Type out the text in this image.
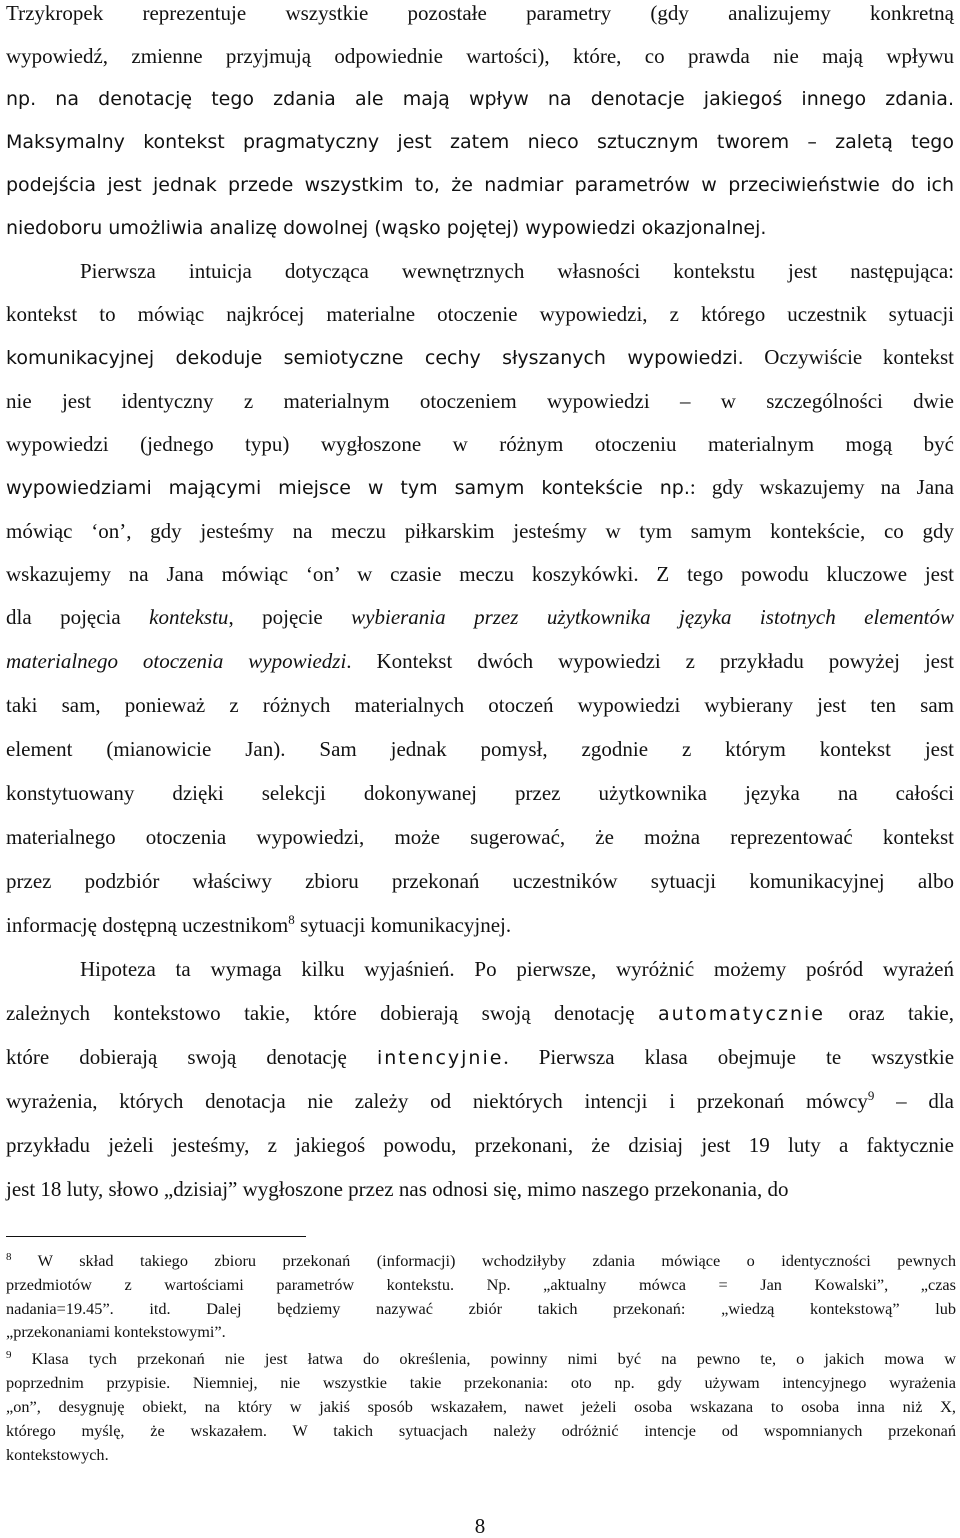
Trzykropek reprezentuje wszystkie pozostałe parametry (gdy analizujemy konkretną
wypowiedź, zmienne przyjmują odpowiednie wartości), które, co prawda nie mają wpływu
np. na denotację tego zdania ale mają wpływ na denotacje jakiegoś innego zdania.
Maksymalny kontekst pragmatyczny jest zatem nieco sztucznym tworem – zaletą tego
podejścia jest jednak przede wszystkim to, że nadmiar parametrów w przeciwieństwie do ich
niedoboru umożliwia analizę dowolnej (wąsko pojętej) wypowiedzi okazjonalnej.
Pierwsza intuicja dotycząca wewnętrznych własności kontekstu jest następująca:
kontekst to mówiąc najkrócej materialne otoczenie wypowiedzi, z którego uczestnik sytuacji
komunikacyjnej dekoduje semiotyczne cechy słyszanych wypowiedzi. Oczywiście kontekst
nie jest identyczny z materialnym otoczeniem wypowiedzi – w szczególności dwie
wypowiedzi (jednego typu) wygłoszone w różnym otoczeniu materialnym mogą być
wypowiedziami mającymi miejsce w tym samym kontekście np.: gdy wskazujemy na Jana
mówiąc ‘on’, gdy jesteśmy na meczu piłkarskim jesteśmy w tym samym kontekście, co gdy
wskazujemy na Jana mówiąc ‘on’ w czasie meczu koszykówki. Z tego powodu kluczowe jest
dla pojęcia kontekstu, pojęcie wybierania przez użytkownika języka istotnych elementów
materialnego otoczenia wypowiedzi. Kontekst dwóch wypowiedzi z przykładu powyżej jest
taki sam, ponieważ z różnych materialnych otoczeń wypowiedzi wybierany jest ten sam
element (mianowicie Jan). Sam jednak pomysł, zgodnie z którym kontekst jest
konstytuowany dzięki selekcji dokonywanej przez użytkownika języka na całości
materialnego otoczenia wypowiedzi, może sugerować, że można reprezentować kontekst
przez podzbiór właściwy zbioru przekonań uczestników sytuacji komunikacyjnej albo
informację dostępną uczestnikom$^8$ sytuacji komunikacyjnej.
Hipoteza ta wymaga kilku wyjaśnień. Po pierwsze, wyróżnić możemy pośród wyrażeń
zależnych kontekstowo takie, które dobierają swoją denotację automatycznie oraz takie,
które dobierają swoją denotację intencyjnie. Pierwsza klasa obejmuje te wszystkie
wyrażenia, których denotacja nie zależy od niektórych intencji i przekonań mówcy$^9$ – dla
przykładu jeżeli jesteśmy, z jakiegoś powodu, przekonani, że dzisiaj jest 19 luty a faktycznie
jest 18 luty, słowo „dzisiaj” wygłoszone przez nas odnosi się, mimo naszego przekonania, do
$^8$ W skład takiego zbioru przekonań (informacji) wchodziłyby zdania mówiące o identyczności pewnych
przedmiotów z wartościami parametrów kontekstu. Np. „aktualny mówca = Jan Kowalski”, „czas
nadania=19.45”. itd. Dalej będziemy nazywać zbiór takich przekonań: „wiedzą kontekstową” lub
„przekonaniami kontekstowymi”.
$^9$ Klasa tych przekonań nie jest łatwa do określenia, powinny nimi być na pewno te, o jakich mowa w
poprzednim przypisie. Niemniej, nie wszystkie takie przekonania: oto np. gdy używam intencyjnego wyrażenia
„on”, desygnuję obiekt, na który w jakiś sposób wskazałem, nawet jeżeli osoba wskazana to osoba inna niż X,
którego myślę, że wskazałem. W takich sytuacjach należy odróżnić intencje od wspomnianych przekonań
kontekstowych.
8
